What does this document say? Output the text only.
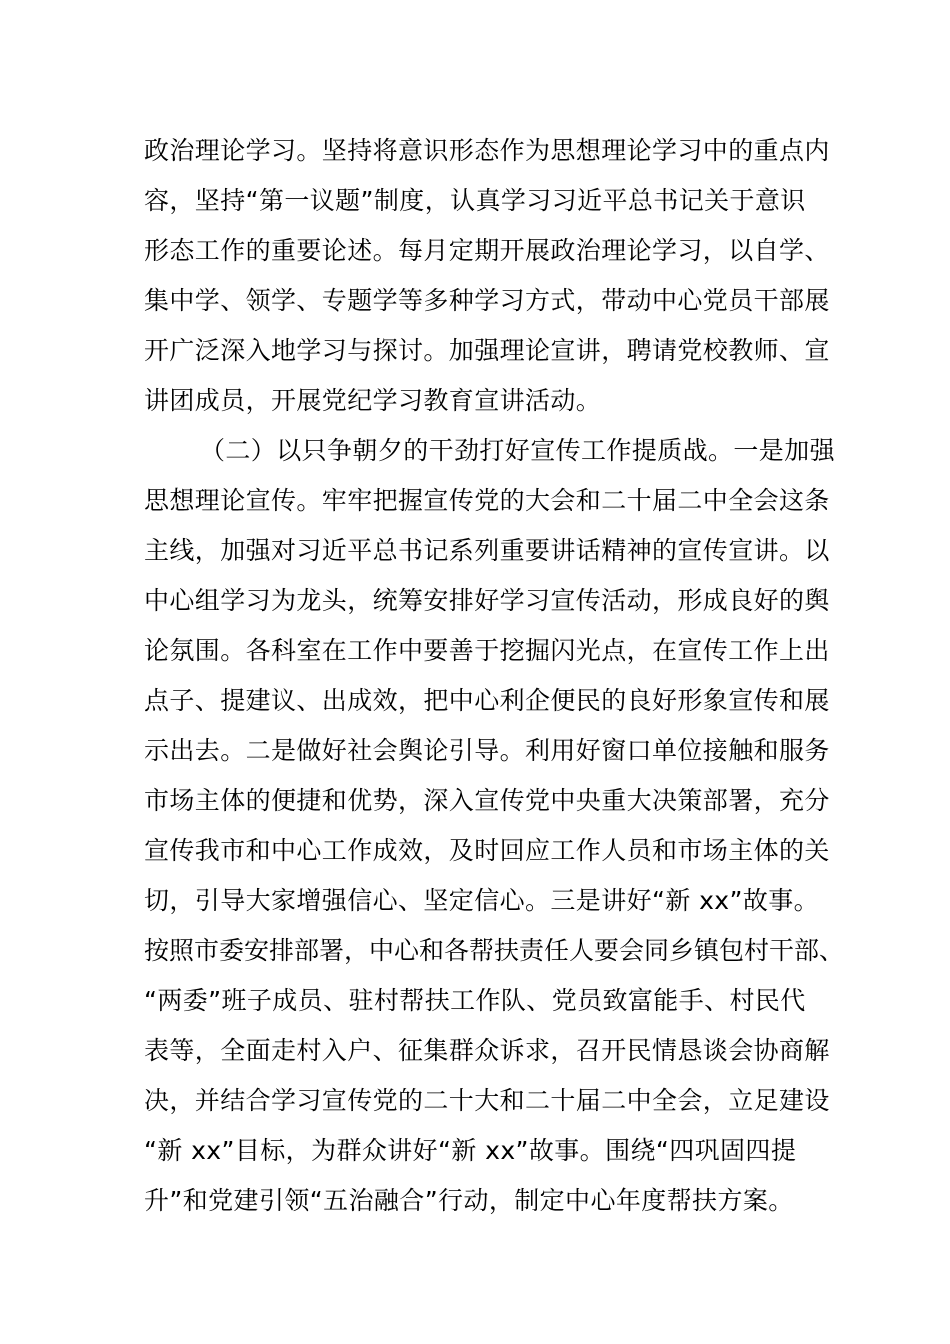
政治理论学习。坚持将意识形态作为思想理论学习中的重点内
容，坚持“第一议题”制度，认真学习习近平总书记关于意识
形态工作的重要论述。每月定期开展政治理论学习，以自学、
集中学、领学、专题学等多种学习方式，带动中心党员干部展
开广泛深入地学习与探讨。加强理论宣讲，聘请党校教师、宣
讲团成员，开展党纪学习教育宣讲活动。
（二）以只争朝夕的干劲打好宣传工作提质战。一是加强
思想理论宣传。牢牢把握宣传党的大会和二十届二中全会这条
主线，加强对习近平总书记系列重要讲话精神的宣传宣讲。以
中心组学习为龙头，统筹安排好学习宣传活动，形成良好的舆
论氛围。各科室在工作中要善于挖掘闪光点，在宣传工作上出
点子、提建议、出成效，把中心利企便民的良好形象宣传和展
示出去。二是做好社会舆论引导。利用好窗口单位接触和服务
市场主体的便捷和优势，深入宣传党中央重大决策部署，充分
宣传我市和中心工作成效，及时回应工作人员和市场主体的关
切，引导大家增强信心、坚定信心。三是讲好“新 xx”故事。
按照市委安排部署，中心和各帮扶责任人要会同乡镇包村干部、
“两委”班子成员、驻村帮扶工作队、党员致富能手、村民代
表等，全面走村入户、征集群众诉求，召开民情恳谈会协商解
决，并结合学习宣传党的二十大和二十届二中全会，立足建设
“新 xx”目标，为群众讲好“新 xx”故事。围绕“四巩固四提
升”和党建引领“五治融合”行动，制定中心年度帮扶方案。
